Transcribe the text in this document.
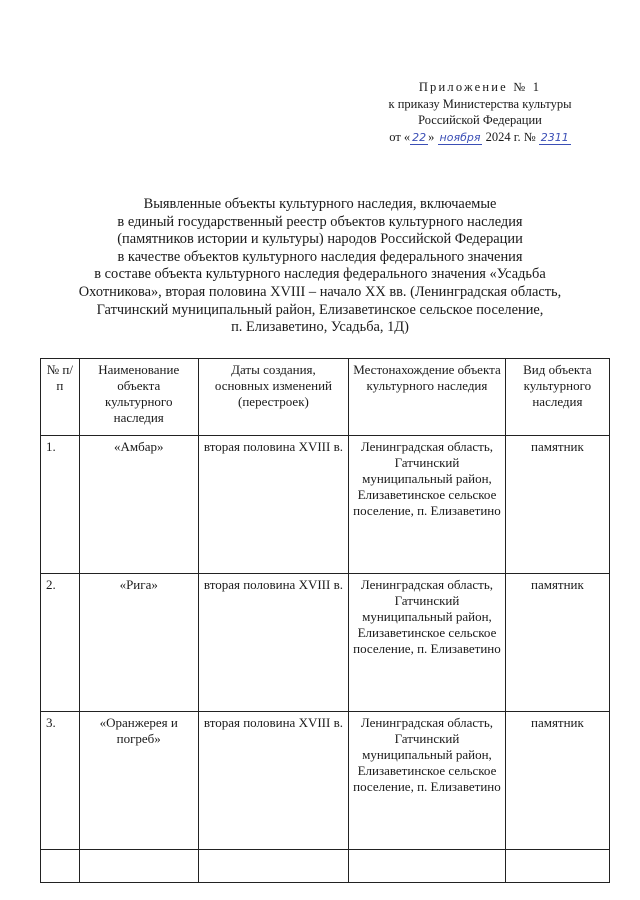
Приложение № 1
к приказу Министерства культуры
Российской Федерации
от « 22 » ноября 2024 г. № 2311
Выявленные объекты культурного наследия, включаемые
в единый государственный реестр объектов культурного наследия
(памятников истории и культуры) народов Российской Федерации
в качестве объектов культурного наследия федерального значения
в составе объекта культурного наследия федерального значения «Усадьба
Охотникова», вторая половина XVIII – начало XX вв. (Ленинградская область,
Гатчинский муниципальный район, Елизаветинское сельское поселение,
п. Елизаветино, Усадьба, 1Д)
№ п/п	Наименование объекта культурного наследия	Даты создания, основных изменений (перестроек)	Местонахождение объекта культурного наследия	Вид объекта культурного наследия
1.	«Амбар»	вторая половина XVIII в.	Ленинградская область, Гатчинский муниципальный район, Елизаветинское сельское поселение, п. Елизаветино	памятник
2.	«Рига»	вторая половина XVIII в.	Ленинградская область, Гатчинский муниципальный район, Елизаветинское сельское поселение, п. Елизаветино	памятник
3.	«Оранжерея и погреб»	вторая половина XVIII в.	Ленинградская область, Гатчинский муниципальный район, Елизаветинское сельское поселение, п. Елизаветино	памятник
